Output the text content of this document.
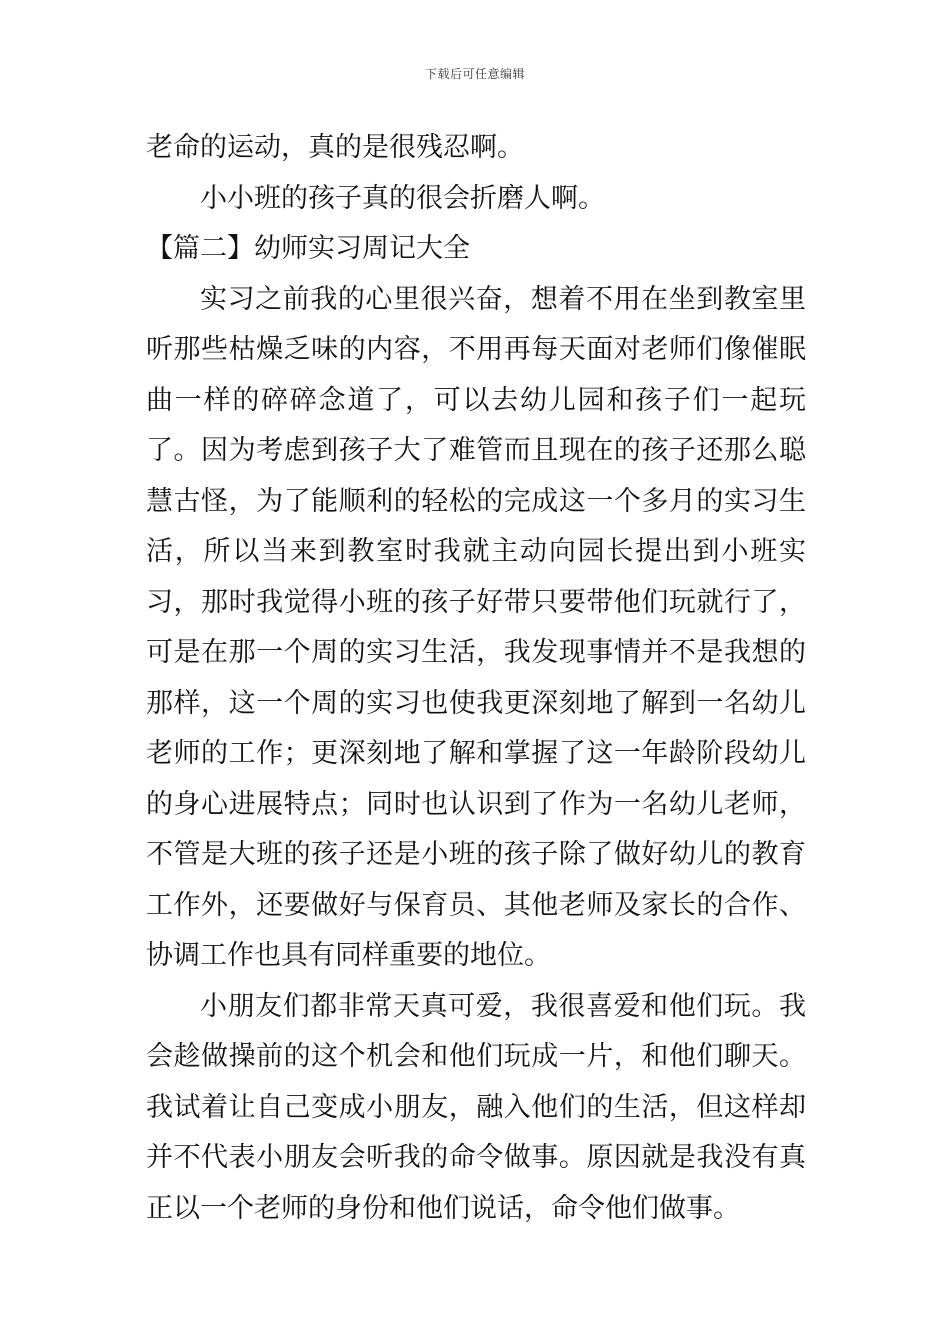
下载后可任意编辑

老命的运动，真的是很残忍啊。

小小班的孩子真的很会折磨人啊。

【篇二】幼师实习周记大全

实习之前我的心里很兴奋，想着不用在坐到教室里听那些枯燥乏味的内容，不用再每天面对老师们像催眠曲一样的碎碎念道了，可以去幼儿园和孩子们一起玩了。因为考虑到孩子大了难管而且现在的孩子还那么聪慧古怪，为了能顺利的轻松的完成这一个多月的实习生活，所以当来到教室时我就主动向园长提出到小班实习，那时我觉得小班的孩子好带只要带他们玩就行了，可是在那一个周的实习生活，我发现事情并不是我想的那样，这一个周的实习也使我更深刻地了解到一名幼儿老师的工作；更深刻地了解和掌握了这一年龄阶段幼儿的身心进展特点；同时也认识到了作为一名幼儿老师，不管是大班的孩子还是小班的孩子除了做好幼儿的教育工作外，还要做好与保育员、其他老师及家长的合作、协调工作也具有同样重要的地位。

小朋友们都非常天真可爱，我很喜爱和他们玩。我会趁做操前的这个机会和他们玩成一片，和他们聊天。我试着让自己变成小朋友，融入他们的生活，但这样却并不代表小朋友会听我的命令做事。原因就是我没有真正以一个老师的身份和他们说话，命令他们做事。
